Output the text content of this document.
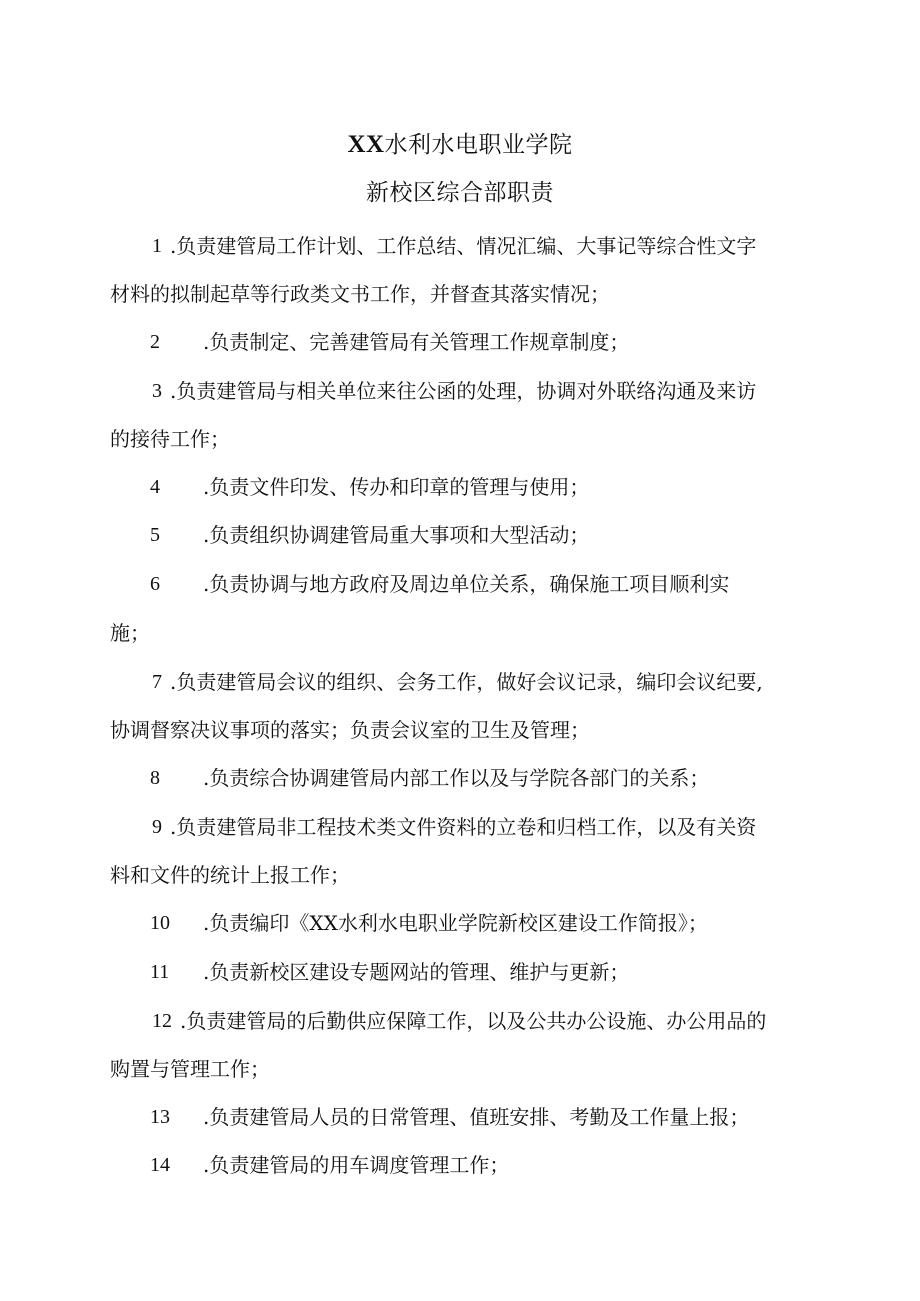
XX水利水电职业学院
新校区综合部职责
1 .负责建管局工作计划、工作总结、情况汇编、大事记等综合性文字
材料的拟制起草等行政类文书工作，并督查其落实情况；
2 .负责制定、完善建管局有关管理工作规章制度；
3 .负责建管局与相关单位来往公函的处理，协调对外联络沟通及来访
的接待工作；
4 .负责文件印发、传办和印章的管理与使用；
5 .负责组织协调建管局重大事项和大型活动；
6 .负责协调与地方政府及周边单位关系，确保施工项目顺利实
施；
7 .负责建管局会议的组织、会务工作，做好会议记录，编印会议纪要,
协调督察决议事项的落实；负责会议室的卫生及管理；
8 .负责综合协调建管局内部工作以及与学院各部门的关系；
9 .负责建管局非工程技术类文件资料的立卷和归档工作，以及有关资
料和文件的统计上报工作；
10 .负责编印《XX水利水电职业学院新校区建设工作简报》；
11 .负责新校区建设专题网站的管理、维护与更新；
12 .负责建管局的后勤供应保障工作，以及公共办公设施、办公用品的
购置与管理工作；
13 .负责建管局人员的日常管理、值班安排、考勤及工作量上报；
14 .负责建管局的用车调度管理工作；
